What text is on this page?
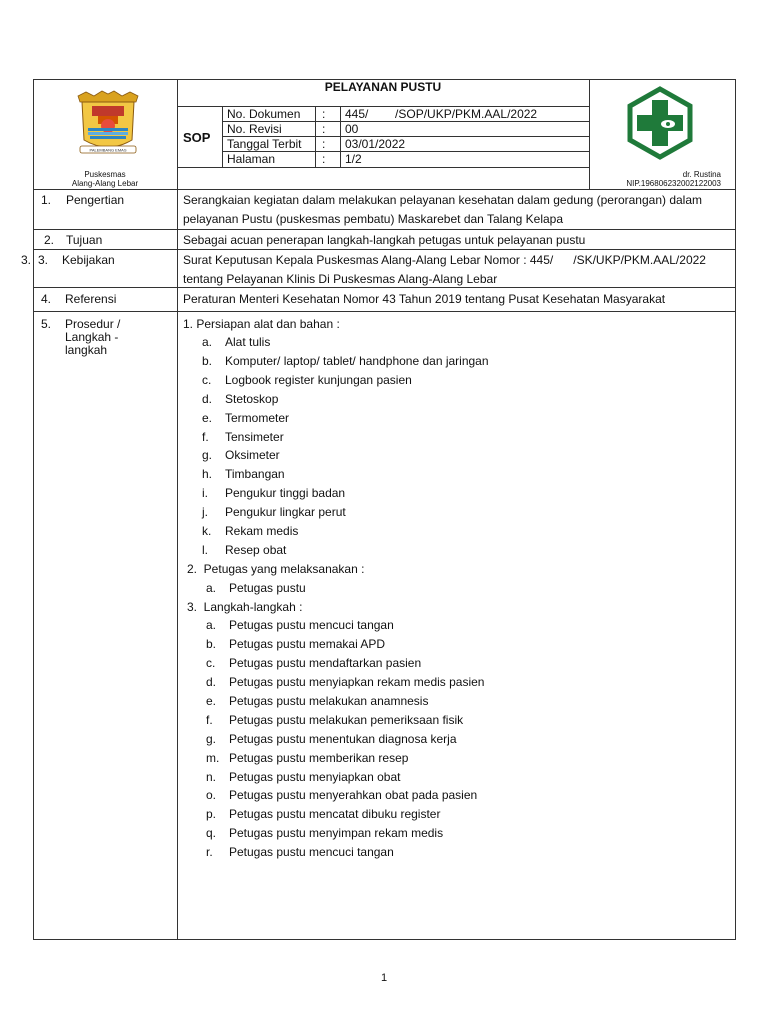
PALEMBANG EMAS
Puskesmas
Alang-Alang Lebar
PELAYANAN PUSTU
SOP
No. Dokumen : 445/        /SOP/UKP/PKM.AAL/2022
No. Revisi	: 00
Tanggal Terbit : 03/01/2022
Halaman	: 1/2
dr. Rustina
NIP.196806232002122003
1. Pengertian	Serangkaian kegiatan dalam melakukan pelayanan kesehatan dalam gedung (perorangan) dalam
pelayanan Pustu (puskesmas pembatu) Maskarebet dan Talang Kelapa
2. Tujuan	Sebagai acuan penerapan langkah-langkah petugas untuk pelayanan pustu
3. 3. Kebijakan	Surat Keputusan Kepala Puskesmas Alang-Alang Lebar Nomor : 445/      /SK/UKP/PKM.AAL/2022
tentang Pelayanan Klinis Di Puskesmas Alang-Alang Lebar
4. Referensi	Peraturan Menteri Kesehatan Nomor 43 Tahun 2019 tentang Pusat Kesehatan Masyarakat
5. Prosedur /
Langkah -
langkah
1. Persiapan alat dan bahan :
a. Alat tulis
b. Komputer/ laptop/ tablet/ handphone dan jaringan
c. Logbook register kunjungan pasien
d. Stetoskop
e. Termometer
f. Tensimeter
g. Oksimeter
h. Timbangan
i. Pengukur tinggi badan
j. Pengukur lingkar perut
k. Rekam medis
l. Resep obat
2.  Petugas yang melaksanakan :
a. Petugas pustu
3.  Langkah-langkah :
a. Petugas pustu mencuci tangan
b. Petugas pustu memakai APD
c. Petugas pustu mendaftarkan pasien
d. Petugas pustu menyiapkan rekam medis pasien
e. Petugas pustu melakukan anamnesis
f. Petugas pustu melakukan pemeriksaan fisik
g. Petugas pustu menentukan diagnosa kerja
m. Petugas pustu memberikan resep
n. Petugas pustu menyiapkan obat
o. Petugas pustu menyerahkan obat pada pasien
p. Petugas pustu mencatat dibuku register
q. Petugas pustu menyimpan rekam medis
r. Petugas pustu mencuci tangan
1
